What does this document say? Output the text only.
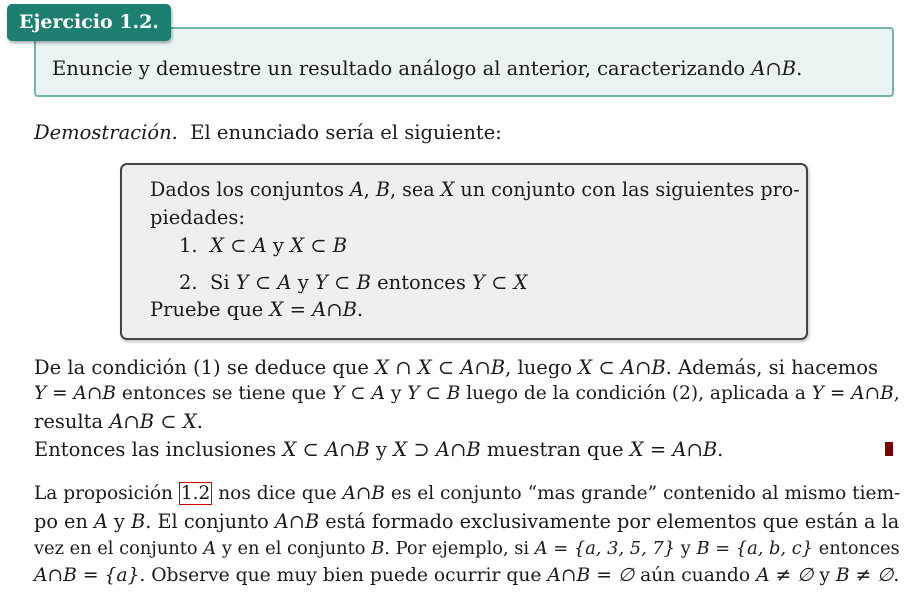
Ejercicio 1.2.
Enuncie y demuestre un resultado análogo al anterior, caracterizando A∩B.
Demostración. El enunciado sería el siguiente:
Dados los conjuntos A, B, sea X un conjunto con las siguientes pro-
piedades:
1. X ⊂ A y X ⊂ B
2. Si Y ⊂ A y Y ⊂ B entonces Y ⊂ X
Pruebe que X = A∩B.
De la condición (1) se deduce que X ∩ X ⊂ A∩B, luego X ⊂ A∩B. Además, si hacemos
Y = A∩B entonces se tiene que Y ⊂ A y Y ⊂ B luego de la condición (2), aplicada a Y = A∩B,
resulta A∩B ⊂ X.
Entonces las inclusiones X ⊂ A∩B y X ⊃ A∩B muestran que X = A∩B.
La proposición 1.2 nos dice que A∩B es el conjunto “mas grande” contenido al mismo tiem-
po en A y B. El conjunto A∩B está formado exclusivamente por elementos que están a la
vez en el conjunto A y en el conjunto B. Por ejemplo, si A = {a, 3, 5, 7} y B = {a, b, c} entonces
A∩B = {a}. Observe que muy bien puede ocurrir que A∩B = ∅ aún cuando A ≠ ∅ y B ≠ ∅.
